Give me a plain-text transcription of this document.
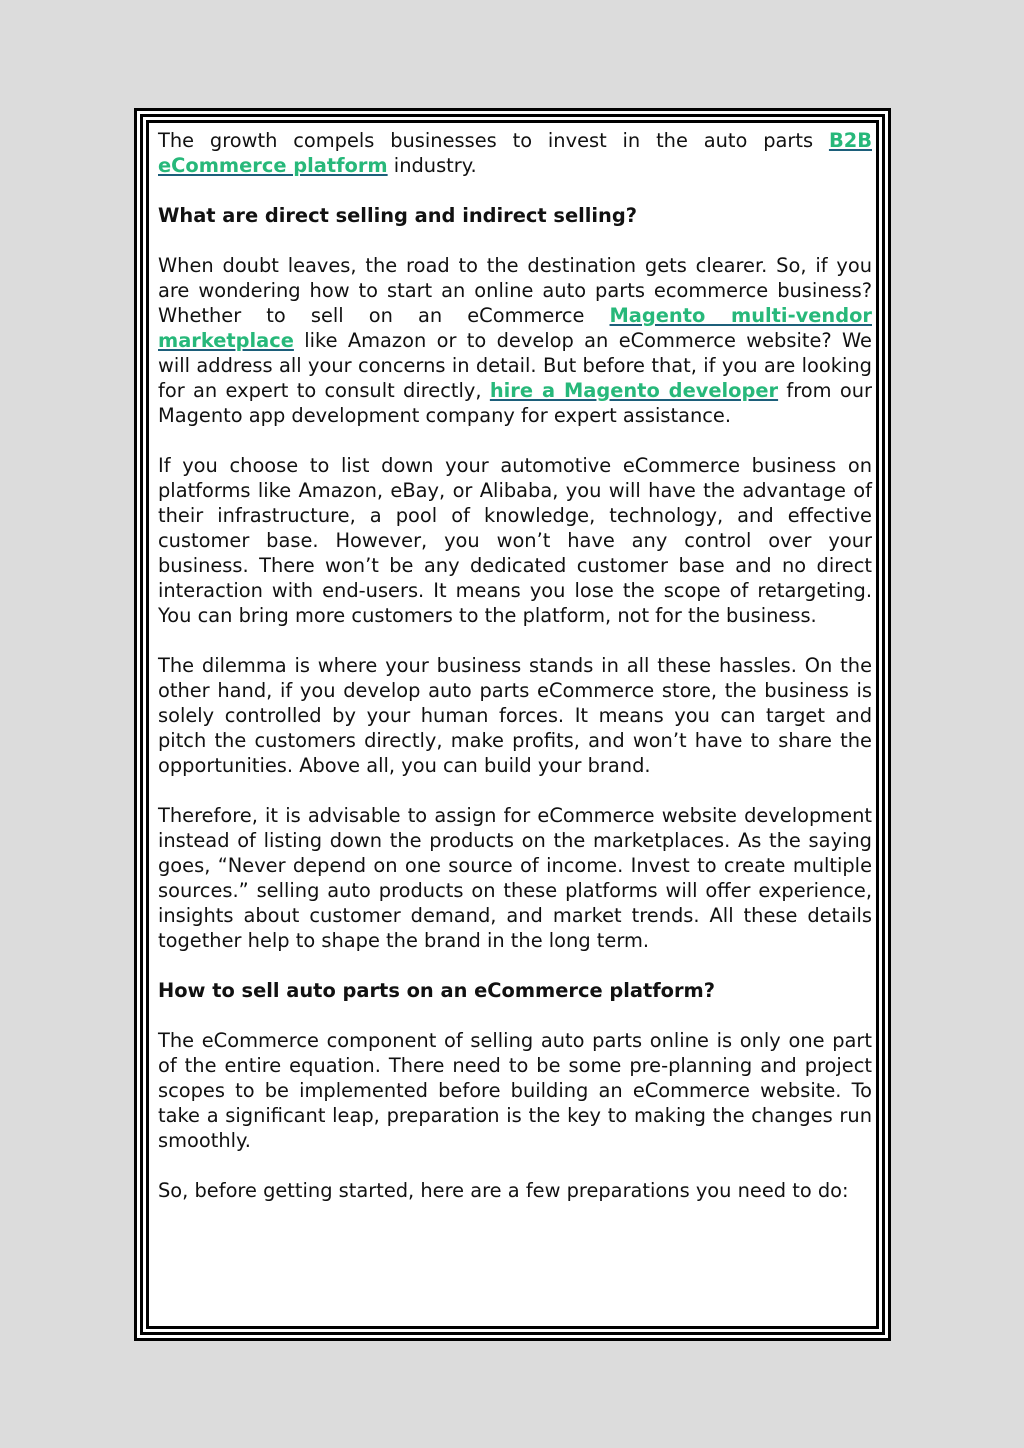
The growth compels businesses to invest in the auto parts B2B eCommerce platform industry.

What are direct selling and indirect selling?

When doubt leaves, the road to the destination gets clearer. So, if you are wondering how to start an online auto parts ecommerce business? Whether to sell on an eCommerce Magento multi-vendor marketplace like Amazon or to develop an eCommerce website? We will address all your concerns in detail. But before that, if you are looking for an expert to consult directly, hire a Magento developer from our Magento app development company for expert assistance.

If you choose to list down your automotive eCommerce business on platforms like Amazon, eBay, or Alibaba, you will have the advantage of their infrastructure, a pool of knowledge, technology, and effective customer base. However, you won’t have any control over your business. There won’t be any dedicated customer base and no direct interaction with end-users. It means you lose the scope of retargeting. You can bring more customers to the platform, not for the business.

The dilemma is where your business stands in all these hassles. On the other hand, if you develop auto parts eCommerce store, the business is solely controlled by your human forces. It means you can target and pitch the customers directly, make profits, and won’t have to share the opportunities. Above all, you can build your brand.

Therefore, it is advisable to assign for eCommerce website development instead of listing down the products on the marketplaces. As the saying goes, “Never depend on one source of income. Invest to create multiple sources.” selling auto products on these platforms will offer experience, insights about customer demand, and market trends. All these details together help to shape the brand in the long term.

How to sell auto parts on an eCommerce platform?

The eCommerce component of selling auto parts online is only one part of the entire equation. There need to be some pre-planning and project scopes to be implemented before building an eCommerce website. To take a significant leap, preparation is the key to making the changes run smoothly.

So, before getting started, here are a few preparations you need to do:
